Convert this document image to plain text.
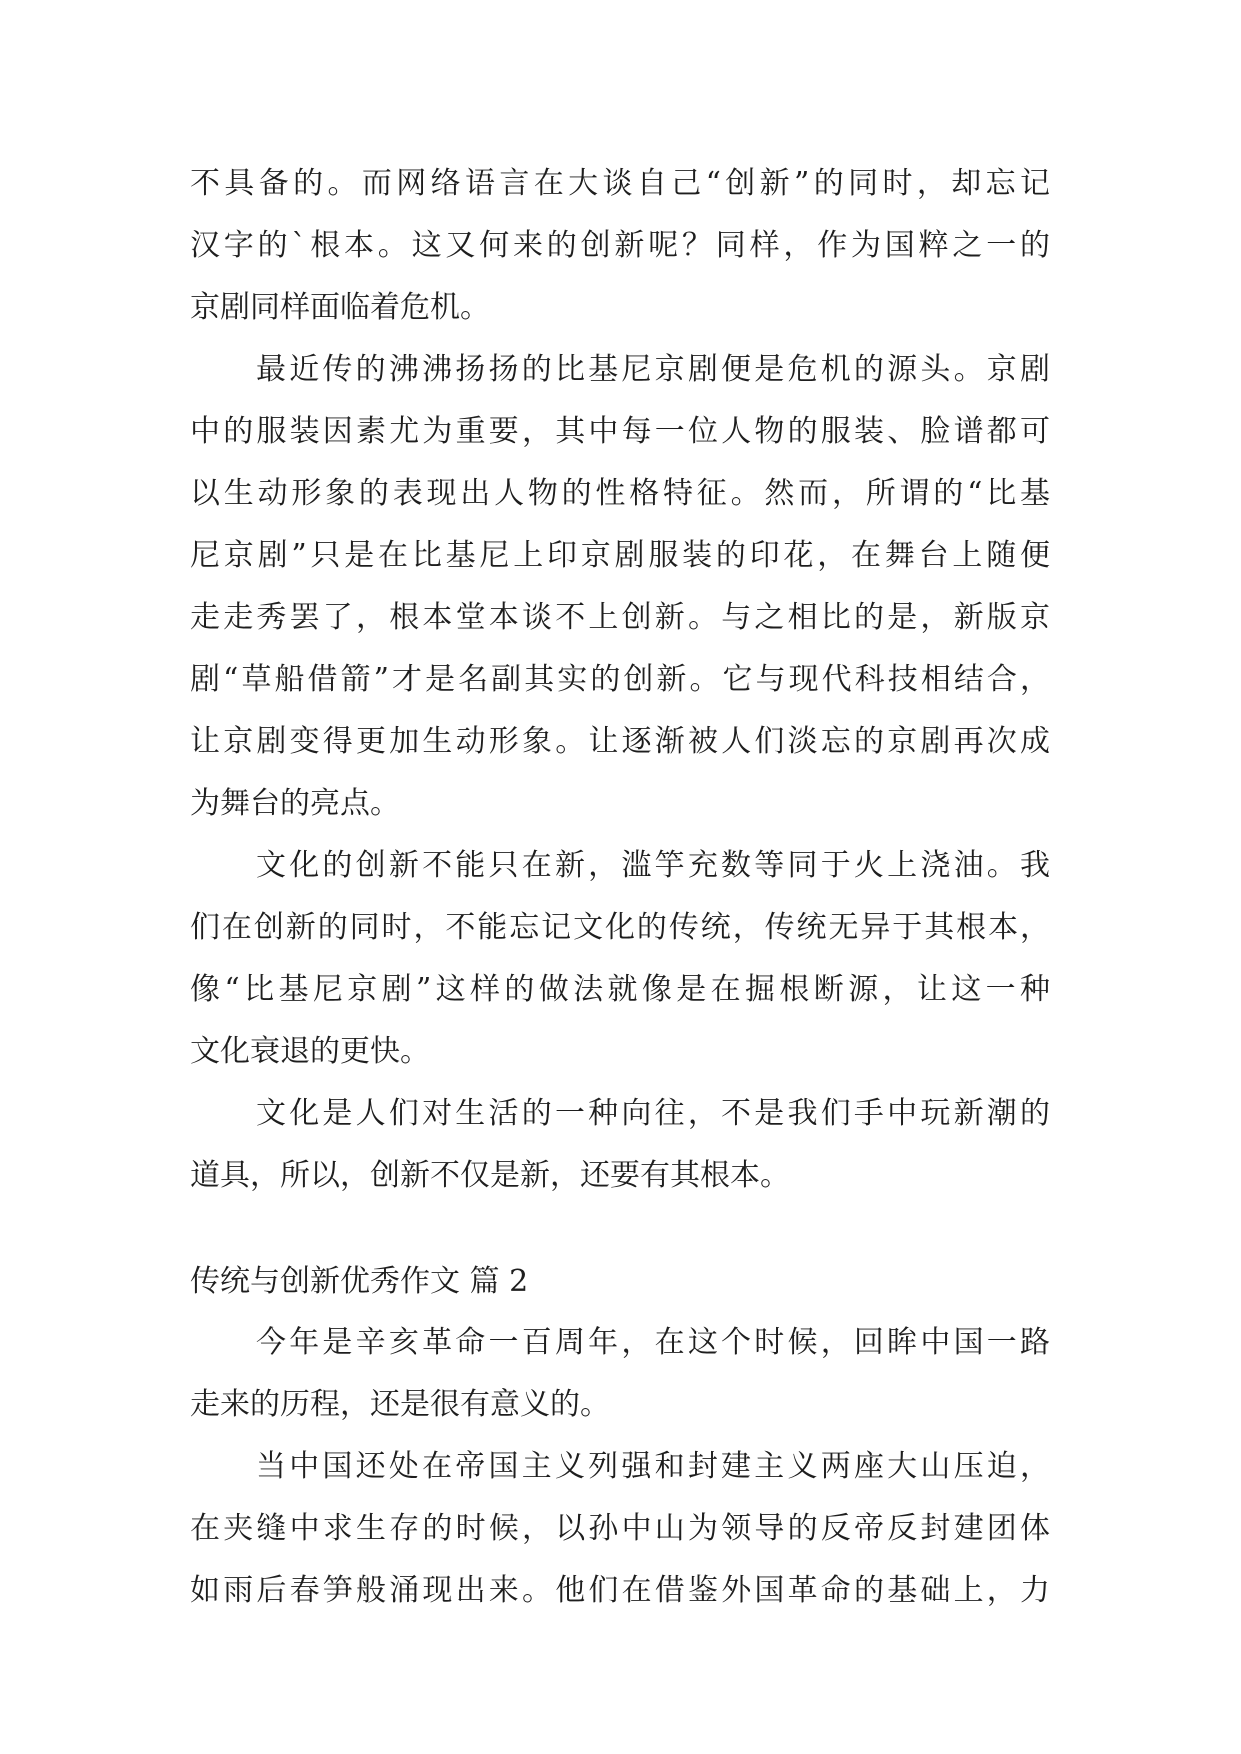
不具备的。而网络语言在大谈自己“创新”的同时，却忘记
汉字的`根本。这又何来的创新呢？同样，作为国粹之一的
京剧同样面临着危机。
最近传的沸沸扬扬的比基尼京剧便是危机的源头。京剧
中的服装因素尤为重要，其中每一位人物的服装、脸谱都可
以生动形象的表现出人物的性格特征。然而，所谓的“比基
尼京剧”只是在比基尼上印京剧服装的印花，在舞台上随便
走走秀罢了，根本堂本谈不上创新。与之相比的是，新版京
剧“草船借箭”才是名副其实的创新。它与现代科技相结合，
让京剧变得更加生动形象。让逐渐被人们淡忘的京剧再次成
为舞台的亮点。
文化的创新不能只在新，滥竽充数等同于火上浇油。我
们在创新的同时，不能忘记文化的传统，传统无异于其根本，
像“比基尼京剧”这样的做法就像是在掘根断源，让这一种
文化衰退的更快。
文化是人们对生活的一种向往，不是我们手中玩新潮的
道具，所以，创新不仅是新，还要有其根本。
传统与创新优秀作文 篇 2
今年是辛亥革命一百周年，在这个时候，回眸中国一路
走来的历程，还是很有意义的。
当中国还处在帝国主义列强和封建主义两座大山压迫，
在夹缝中求生存的时候，以孙中山为领导的反帝反封建团体
如雨后春笋般涌现出来。他们在借鉴外国革命的基础上，力
